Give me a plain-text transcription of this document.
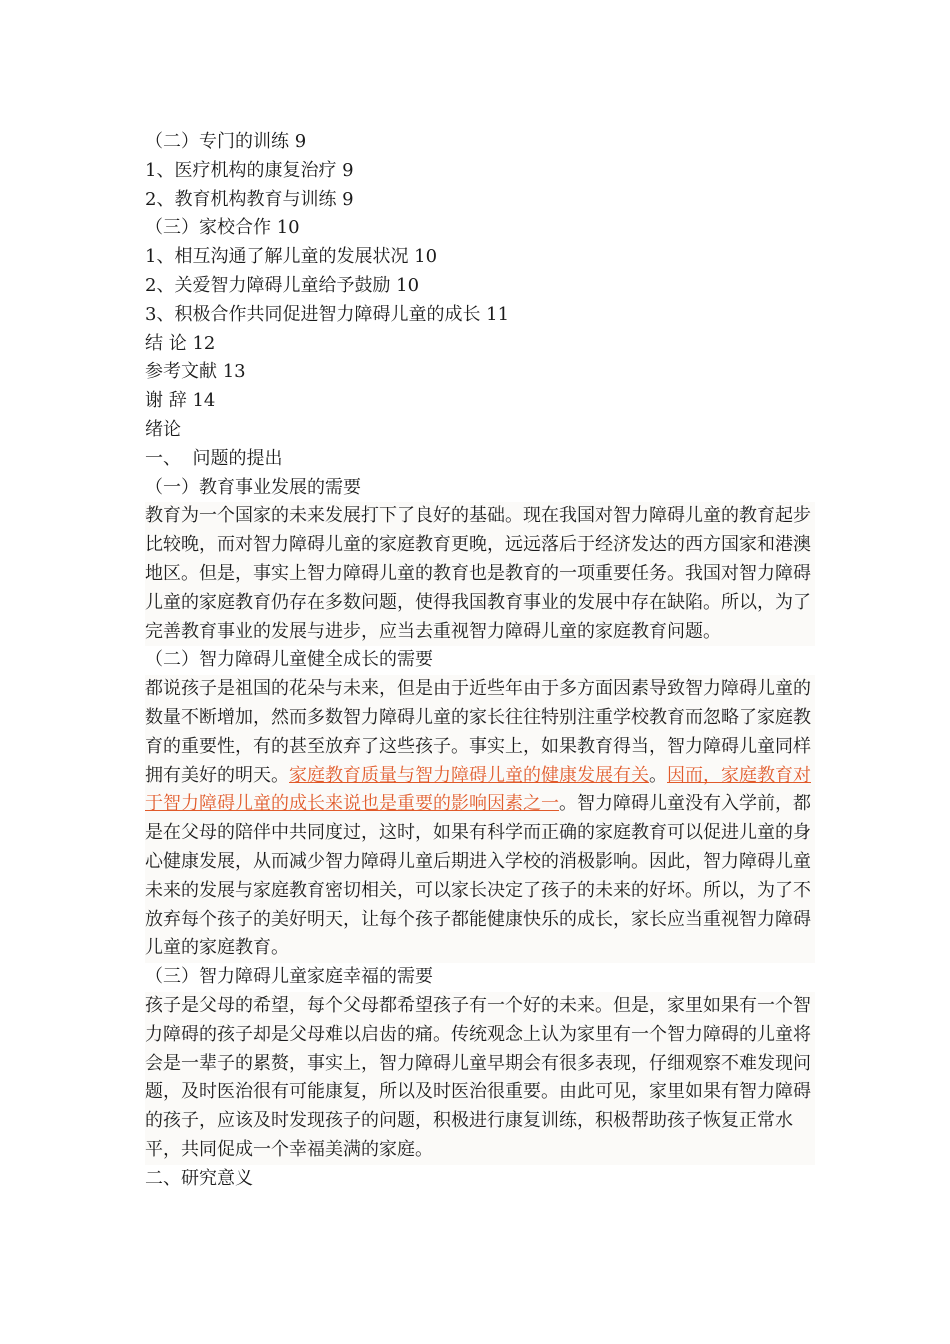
（二）专门的训练 9

1、医疗机构的康复治疗 9

2、教育机构教育与训练 9

（三）家校合作 10

1、相互沟通了解儿童的发展状况 10

2、关爱智力障碍儿童给予鼓励 10

3、积极合作共同促进智力障碍儿童的成长 11

结 论 12

参考文献 13

谢 辞 14

绪论

一、  问题的提出

（一）教育事业发展的需要

教育为一个国家的未来发展打下了良好的基础。现在我国对智力障碍儿童的教育起步比较晚，而对智力障碍儿童的家庭教育更晚，远远落后于经济发达的西方国家和港澳地区。但是，事实上智力障碍儿童的教育也是教育的一项重要任务。我国对智力障碍儿童的家庭教育仍存在多数问题，使得我国教育事业的发展中存在缺陷。所以，为了完善教育事业的发展与进步，应当去重视智力障碍儿童的家庭教育问题。

（二）智力障碍儿童健全成长的需要

都说孩子是祖国的花朵与未来，但是由于近些年由于多方面因素导致智力障碍儿童的数量不断增加，然而多数智力障碍儿童的家长往往特别注重学校教育而忽略了家庭教育的重要性，有的甚至放弃了这些孩子。事实上，如果教育得当，智力障碍儿童同样拥有美好的明天。家庭教育质量与智力障碍儿童的健康发展有关。因而，家庭教育对于智力障碍儿童的成长来说也是重要的影响因素之一。智力障碍儿童没有入学前，都是在父母的陪伴中共同度过，这时，如果有科学而正确的家庭教育可以促进儿童的身心健康发展，从而减少智力障碍儿童后期进入学校的消极影响。因此，智力障碍儿童未来的发展与家庭教育密切相关，可以家长决定了孩子的未来的好坏。所以，为了不放弃每个孩子的美好明天，让每个孩子都能健康快乐的成长，家长应当重视智力障碍儿童的家庭教育。

（三）智力障碍儿童家庭幸福的需要

孩子是父母的希望，每个父母都希望孩子有一个好的未来。但是，家里如果有一个智力障碍的孩子却是父母难以启齿的痛。传统观念上认为家里有一个智力障碍的儿童将会是一辈子的累赘，事实上，智力障碍儿童早期会有很多表现，仔细观察不难发现问题，及时医治很有可能康复，所以及时医治很重要。由此可见，家里如果有智力障碍的孩子，应该及时发现孩子的问题，积极进行康复训练，积极帮助孩子恢复正常水平，共同促成一个幸福美满的家庭。

二、研究意义
